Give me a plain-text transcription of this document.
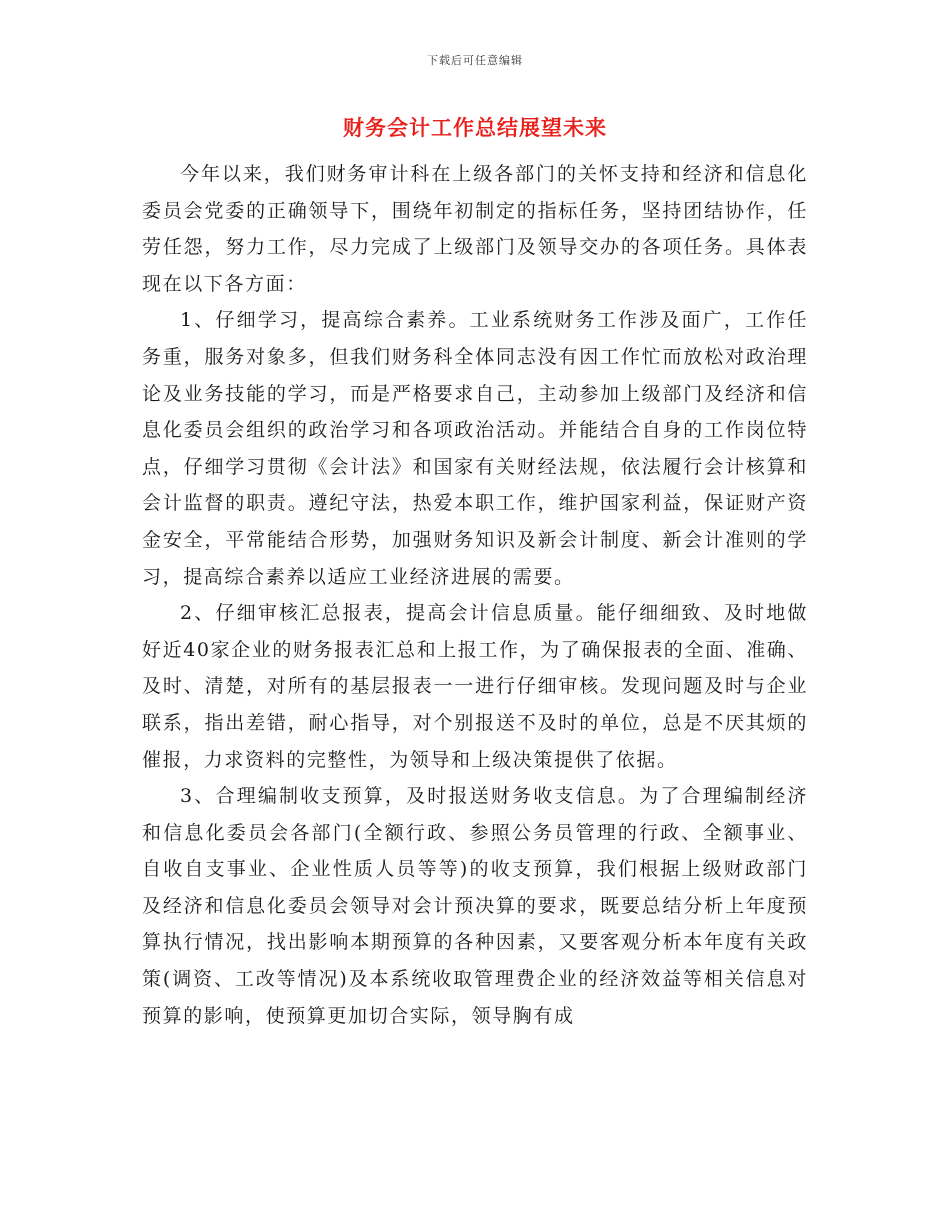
下载后可任意编辑
财务会计工作总结展望未来

今年以来，我们财务审计科在上级各部门的关怀支持和经济和信息化委员会党委的正确领导下，围绕年初制定的指标任务，坚持团结协作，任劳任怨，努力工作，尽力完成了上级部门及领导交办的各项任务。具体表现在以下各方面：

1、仔细学习，提高综合素养。工业系统财务工作涉及面广，工作任务重，服务对象多，但我们财务科全体同志没有因工作忙而放松对政治理论及业务技能的学习，而是严格要求自己，主动参加上级部门及经济和信息化委员会组织的政治学习和各项政治活动。并能结合自身的工作岗位特点，仔细学习贯彻《会计法》和国家有关财经法规，依法履行会计核算和会计监督的职责。遵纪守法，热爱本职工作，维护国家利益，保证财产资金安全，平常能结合形势，加强财务知识及新会计制度、新会计准则的学习，提高综合素养以适应工业经济进展的需要。

2、仔细审核汇总报表，提高会计信息质量。能仔细细致、及时地做好近40家企业的财务报表汇总和上报工作，为了确保报表的全面、准确、及时、清楚，对所有的基层报表一一进行仔细审核。发现问题及时与企业联系，指出差错，耐心指导，对个别报送不及时的单位，总是不厌其烦的催报，力求资料的完整性，为领导和上级决策提供了依据。

3、合理编制收支预算，及时报送财务收支信息。为了合理编制经济和信息化委员会各部门(全额行政、参照公务员管理的行政、全额事业、自收自支事业、企业性质人员等等)的收支预算，我们根据上级财政部门及经济和信息化委员会领导对会计预决算的要求，既要总结分析上年度预算执行情况，找出影响本期预算的各种因素，又要客观分析本年度有关政策(调资、工改等情况)及本系统收取管理费企业的经济效益等相关信息对预算的影响，使预算更加切合实际，领导胸有成
